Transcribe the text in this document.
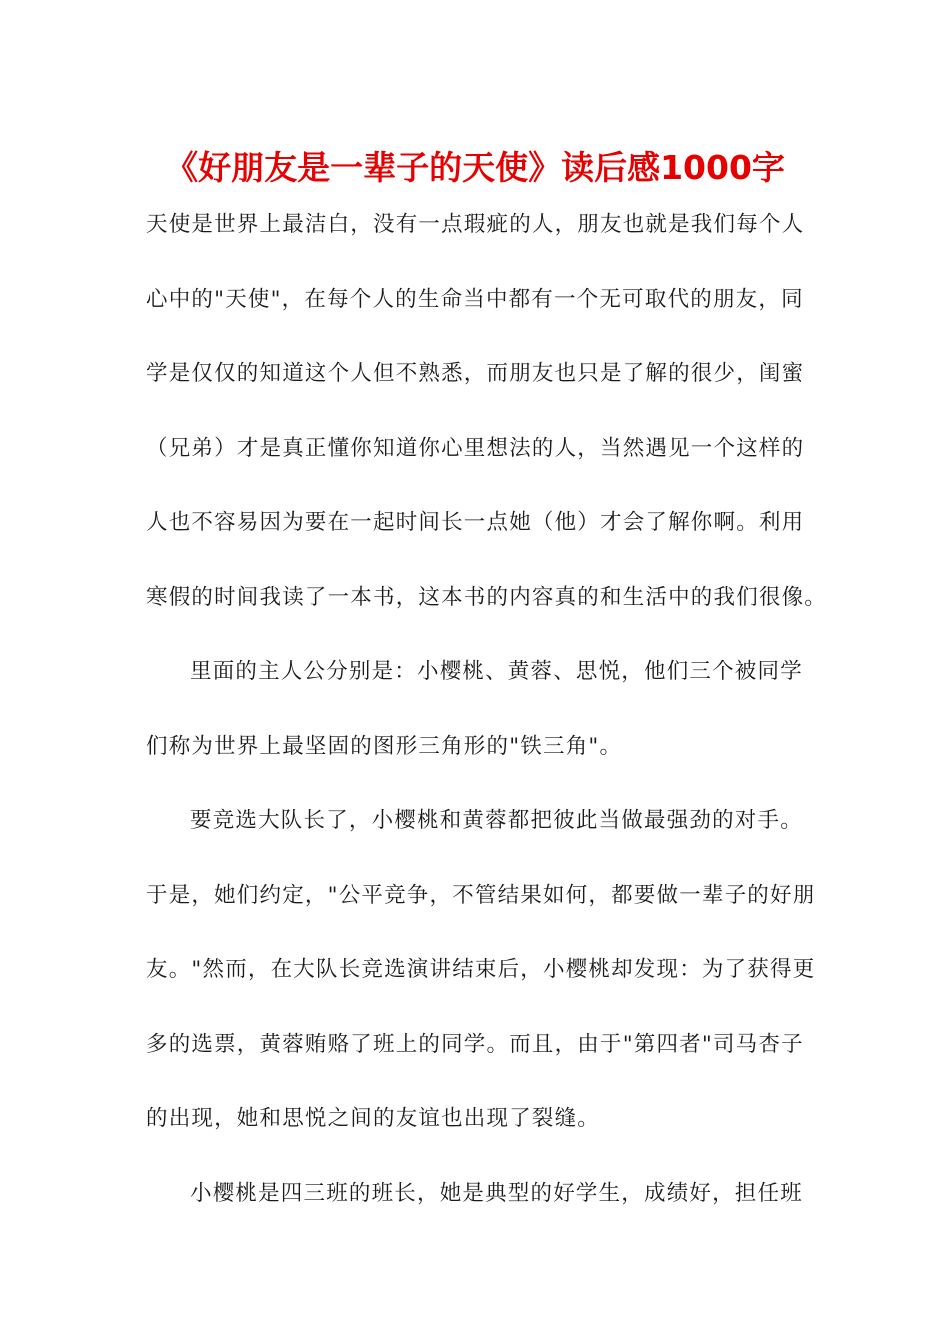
《好朋友是一辈子的天使》读后感1000字
天使是世界上最洁白，没有一点瑕疵的人，朋友也就是我们每个人
心中的"天使"，在每个人的生命当中都有一个无可取代的朋友，同
学是仅仅的知道这个人但不熟悉，而朋友也只是了解的很少，闺蜜
（兄弟）才是真正懂你知道你心里想法的人，当然遇见一个这样的
人也不容易因为要在一起时间长一点她（他）才会了解你啊。利用
寒假的时间我读了一本书，这本书的内容真的和生活中的我们很像。
里面的主人公分别是：小樱桃、黄蓉、思悦，他们三个被同学
们称为世界上最坚固的图形三角形的"铁三角"。
要竞选大队长了，小樱桃和黄蓉都把彼此当做最强劲的对手。
于是，她们约定，"公平竞争，不管结果如何，都要做一辈子的好朋
友。"然而，在大队长竞选演讲结束后，小樱桃却发现：为了获得更
多的选票，黄蓉贿赂了班上的同学。而且，由于"第四者"司马杏子
的出现，她和思悦之间的友谊也出现了裂缝。
小樱桃是四三班的班长，她是典型的好学生，成绩好，担任班
